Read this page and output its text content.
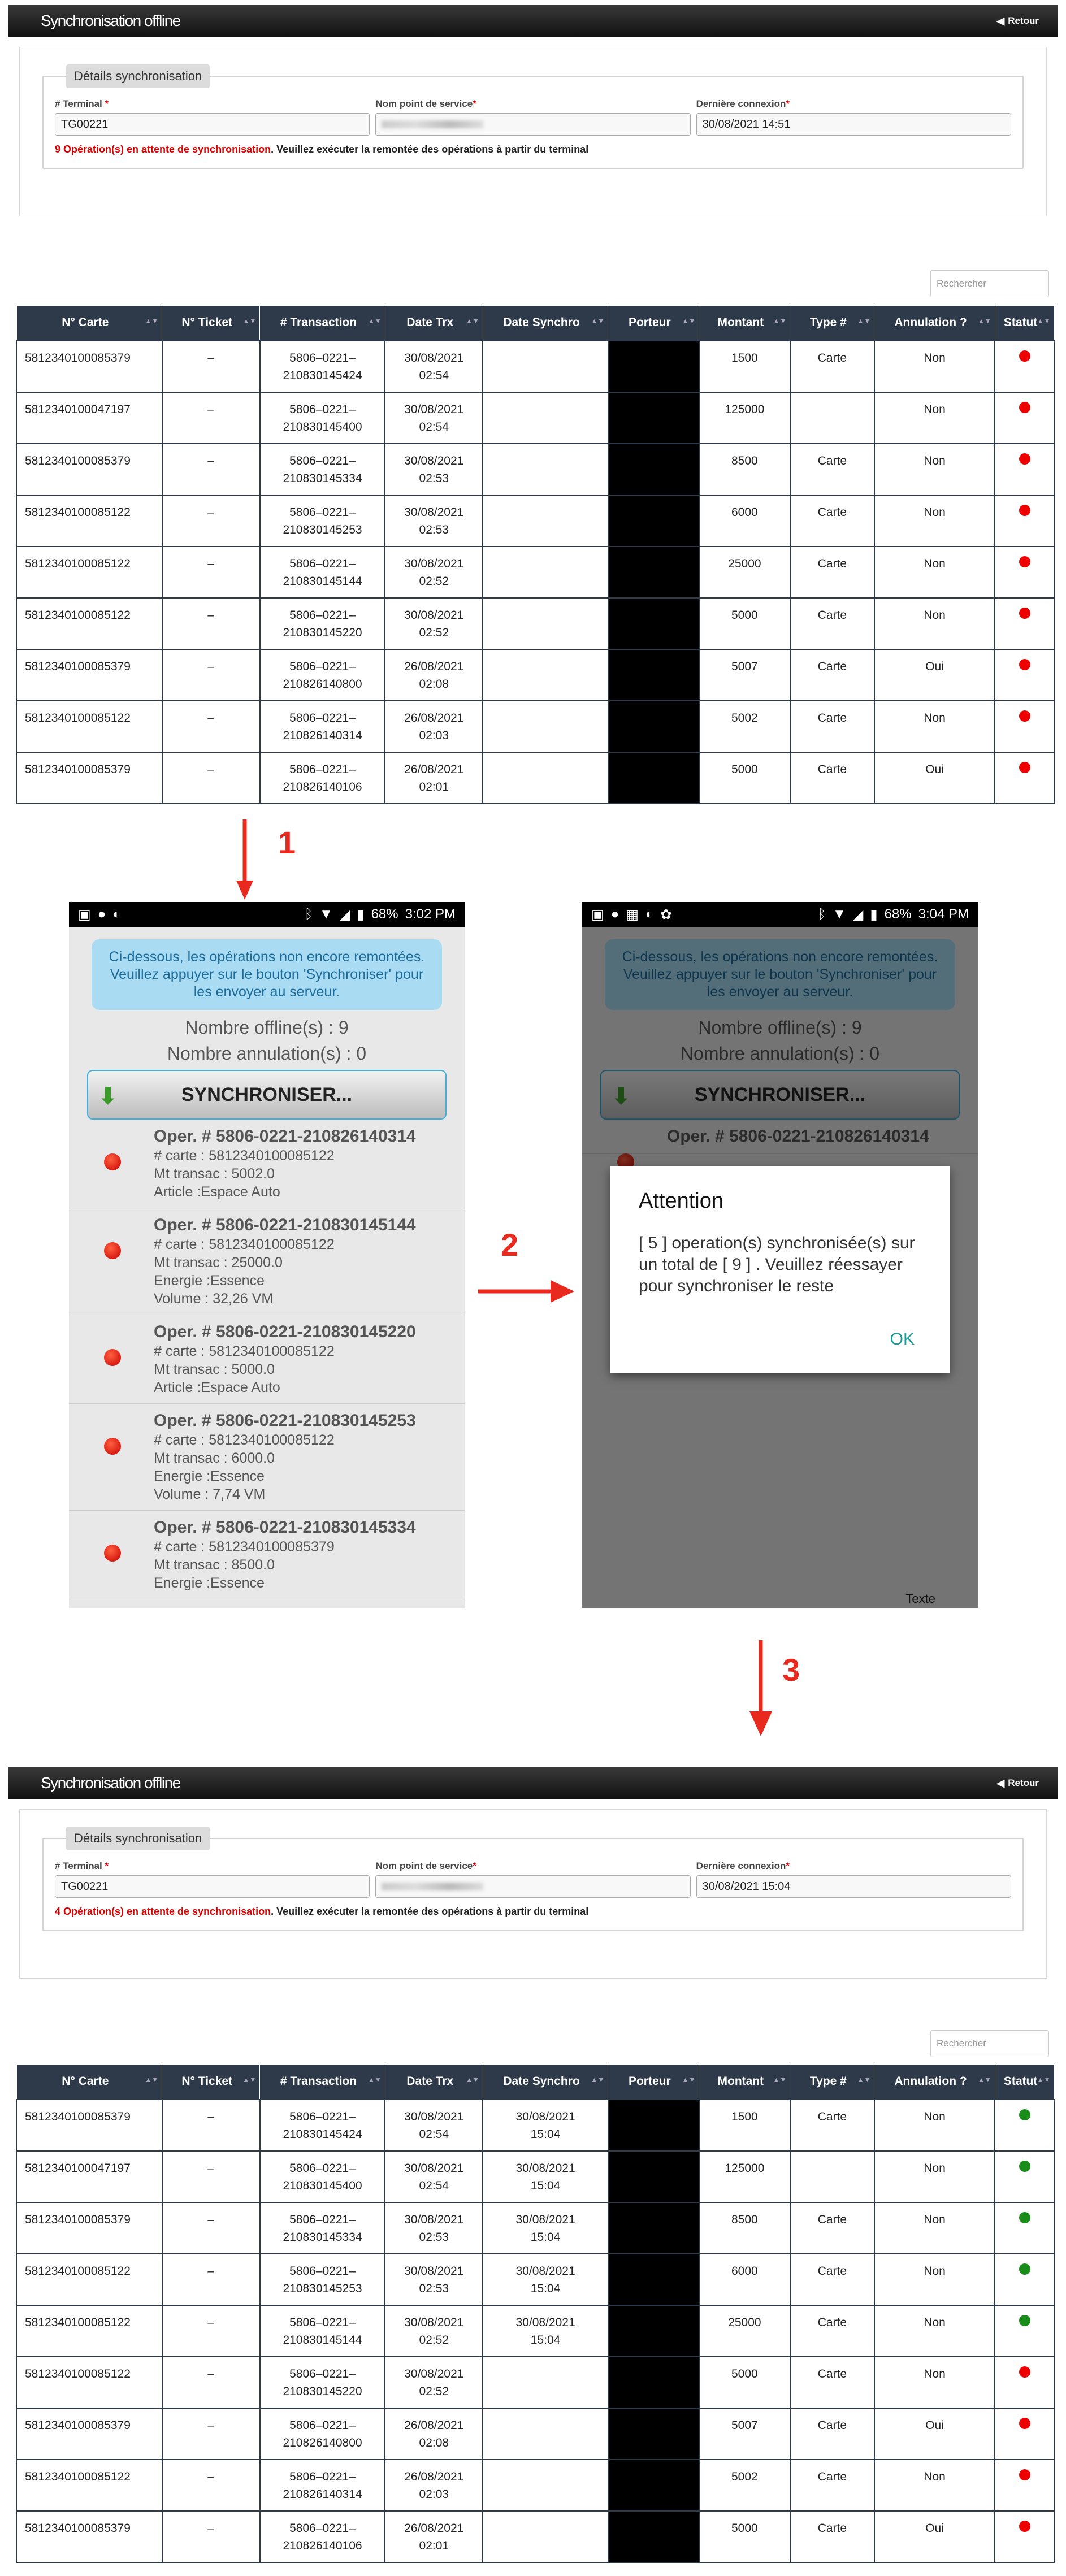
Synchronisation offline	◀ Retour
Détails synchronisation
# Terminal *
TG00221
Nom point de service*	Dernière connexion*
30/08/2021 14:51
9 Opération(s) en attente de synchronisation. Veuillez exécuter la remontée des opérations à partir du terminal
Rechercher
N° Carte ▲▼	N° Ticket ▲▼	# Transaction ▲▼	Date Trx ▲▼	Date Synchro ▲▼	Porteur ▲▼	Montant ▲▼	Type # ▲▼	Annulation ? ▲▼	Statut ▲▼

5812340100085379	–	5806–0221–
210830145424	30/08/2021
02:54			1500	Carte	Non	
5812340100047197	–	5806–0221–
210830145400	30/08/2021
02:54			125000		Non	
5812340100085379	–	5806–0221–
210830145334	30/08/2021
02:53			8500	Carte	Non	
5812340100085122	–	5806–0221–
210830145253	30/08/2021
02:53			6000	Carte	Non	
5812340100085122	–	5806–0221–
210830145144	30/08/2021
02:52			25000	Carte	Non	
5812340100085122	–	5806–0221–
210830145220	30/08/2021
02:52			5000	Carte	Non	
5812340100085379	–	5806–0221–
210826140800	26/08/2021
02:08			5007	Carte	Oui	
5812340100085122	–	5806–0221–
210826140314	26/08/2021
02:03			5002	Carte	Non	
5812340100085379	–	5806–0221–
210826140106	26/08/2021
02:01			5000	Carte	Oui	
1
2
3
▣ ● ◐	ᛒ ▼ ◢ ▮ 68% 3:02 PM
Ci-dessous, les opérations non encore remontées. Veuillez appuyer sur le bouton 'Synchroniser' pour les envoyer au serveur.
Nombre offline(s) : 9
Nombre annulation(s) : 0
⬇	SYNCHRONISER...
Oper. # 5806-0221-210826140314
# carte : 5812340100085122
Mt transac : 5002.0
Article :Espace Auto
Oper. # 5806-0221-210830145144
# carte : 5812340100085122
Mt transac : 25000.0
Energie :Essence
Volume : 32,26 VM
Oper. # 5806-0221-210830145220
# carte : 5812340100085122
Mt transac : 5000.0
Article :Espace Auto
Oper. # 5806-0221-210830145253
# carte : 5812340100085122
Mt transac : 6000.0
Energie :Essence
Volume : 7,74 VM
Oper. # 5806-0221-210830145334
# carte : 5812340100085379
Mt transac : 8500.0
Energie :Essence
▣ ● ▦ ◐ ✿	ᛒ ▼ ◢ ▮ 68% 3:04 PM
Attention
[ 5 ] operation(s) synchronisée(s) sur un total de [ 9 ] . Veuillez réessayer pour synchroniser le reste
OK
Texte
Synchronisation offline	◀ Retour
Détails synchronisation
# Terminal *
TG00221
Nom point de service*	Dernière connexion*
30/08/2021 15:04
4 Opération(s) en attente de synchronisation. Veuillez exécuter la remontée des opérations à partir du terminal
Rechercher
N° Carte ▲▼	N° Ticket ▲▼	# Transaction ▲▼	Date Trx ▲▼	Date Synchro ▲▼	Porteur ▲▼	Montant ▲▼	Type # ▲▼	Annulation ? ▲▼	Statut ▲▼

5812340100085379	–	5806–0221–
210830145424	30/08/2021
02:54	30/08/2021
15:04		1500	Carte	Non	
5812340100047197	–	5806–0221–
210830145400	30/08/2021
02:54	30/08/2021
15:04		125000		Non	
5812340100085379	–	5806–0221–
210830145334	30/08/2021
02:53	30/08/2021
15:04		8500	Carte	Non	
5812340100085122	–	5806–0221–
210830145253	30/08/2021
02:53	30/08/2021
15:04		6000	Carte	Non	
5812340100085122	–	5806–0221–
210830145144	30/08/2021
02:52	30/08/2021
15:04		25000	Carte	Non	
5812340100085122	–	5806–0221–
210830145220	30/08/2021
02:52			5000	Carte	Non	
5812340100085379	–	5806–0221–
210826140800	26/08/2021
02:08			5007	Carte	Oui	
5812340100085122	–	5806–0221–
210826140314	26/08/2021
02:03			5002	Carte	Non	
5812340100085379	–	5806–0221–
210826140106	26/08/2021
02:01			5000	Carte	Oui	
